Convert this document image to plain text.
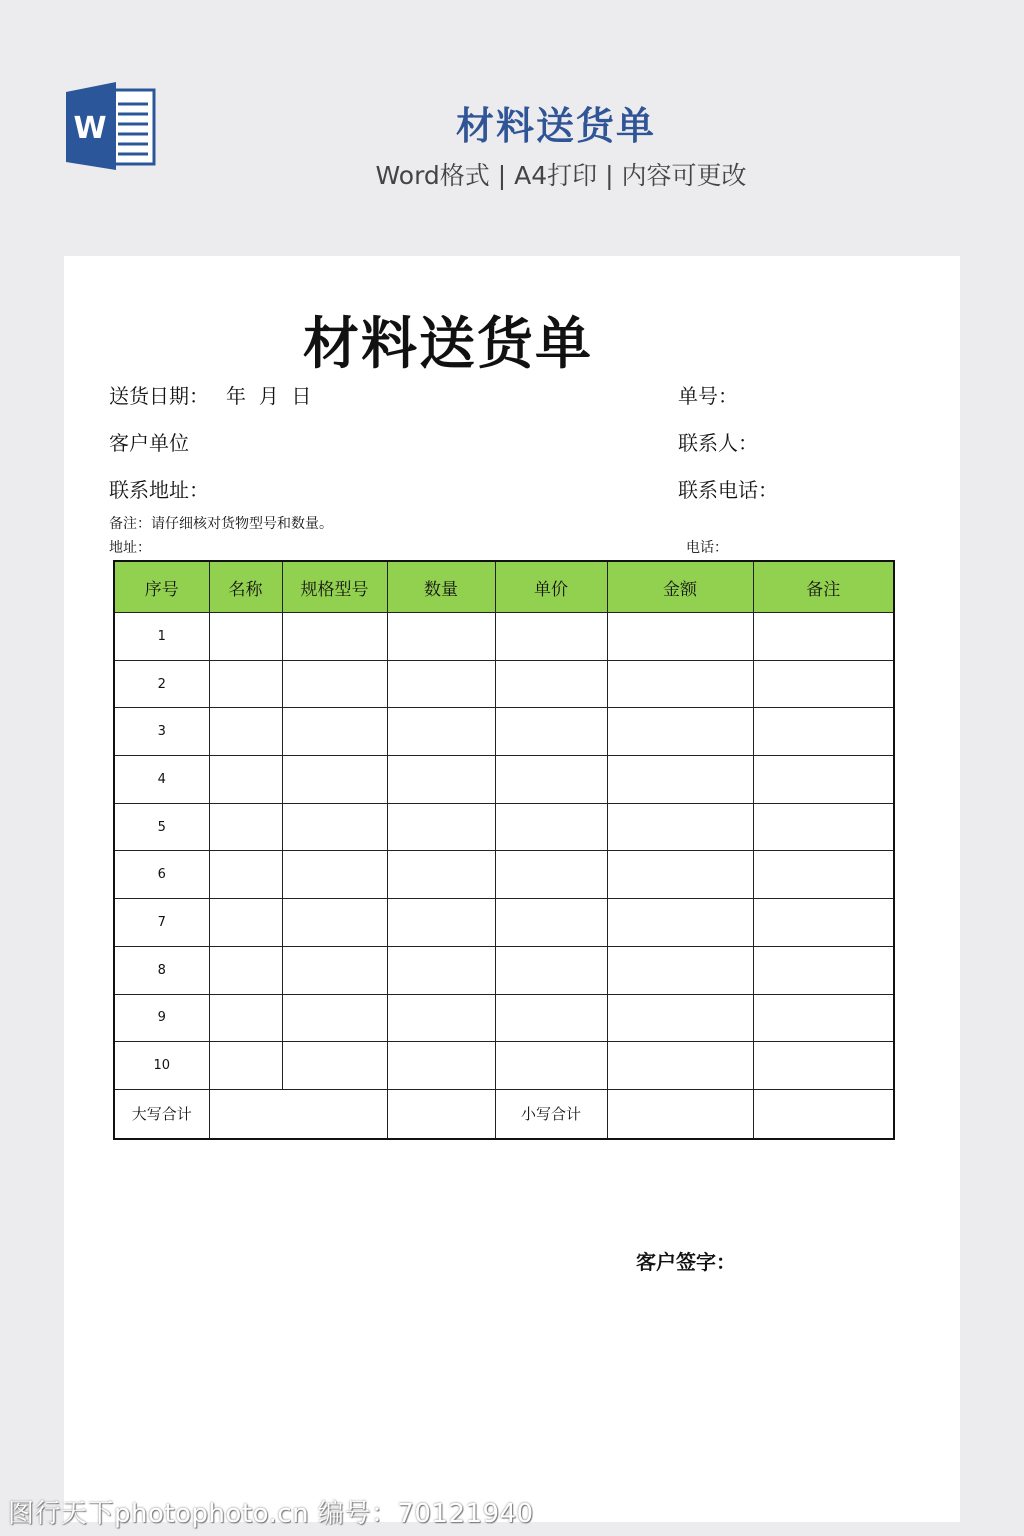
W	材料送货单
Word格式 | A4打印 | 内容可更改
材料送货单
送货日期： 年  月  日	单号：
客户单位	联系人：
联系地址：	联系电话：
备注：请仔细核对货物型号和数量。
地址：	电话：
序号	名称	规格型号	数量	单价	金额	备注
1						
2						
3						
4						
5						
6						
7						
8						
9						
10						
大写合计				小写合计		
客户签字：
图行天下photophoto.cn 编号：70121940
